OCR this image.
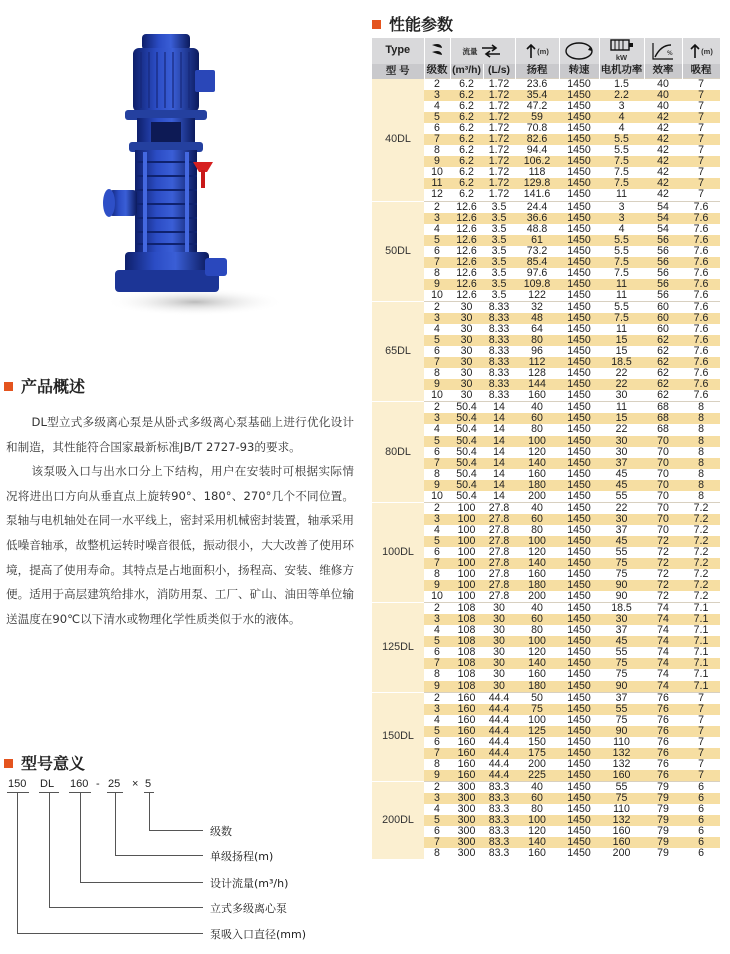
产品概述

DL型立式多级离心泵是从卧式多级离心泵基础上进行优化设计和制造，其性能符合国家最新标准JB/T 2727-93的要求。

该泵吸入口与出水口分上下结构，用户在安装时可根据实际情况将进出口方向从垂直点上旋转90°、180°、270°几个不同位置。泵轴与电机轴处在同一水平线上，密封采用机械密封装置，轴承采用低噪音轴承，故整机运转时噪音很低，振动很小，大大改善了使用环境，提高了使用寿命。其特点是占地面积小，扬程高、安装、维修方便。适用于高层建筑给排水，消防用泵、工厂、矿山、油田等单位输送温度在90℃以下清水或物理化学性质类似于水的液体。

型号意义
150 DL 160 - 25 × 5
级数
单级扬程(m)
设计流量(m³/h)
立式多级离心泵
泵吸入口直径(mm)
性能参数
Type		流量		(m)		kW	%	(m)
型 号	级数	(m³/h)	(L/s)	扬程	转速	电机功率	效率	吸程
40DL	2	6.2	1.72	23.6	1450	1.5	40	7
	3	6.2	1.72	35.4	1450	2.2	40	7
	4	6.2	1.72	47.2	1450	3	40	7
	5	6.2	1.72	59	1450	4	42	7
	6	6.2	1.72	70.8	1450	4	42	7
	7	6.2	1.72	82.6	1450	5.5	42	7
	8	6.2	1.72	94.4	1450	5.5	42	7
	9	6.2	1.72	106.2	1450	7.5	42	7
	10	6.2	1.72	118	1450	7.5	42	7
	11	6.2	1.72	129.8	1450	7.5	42	7
	12	6.2	1.72	141.6	1450	11	42	7
50DL	2	12.6	3.5	24.4	1450	3	54	7.6
	3	12.6	3.5	36.6	1450	3	54	7.6
	4	12.6	3.5	48.8	1450	4	54	7.6
	5	12.6	3.5	61	1450	5.5	56	7.6
	6	12.6	3.5	73.2	1450	5.5	56	7.6
	7	12.6	3.5	85.4	1450	7.5	56	7.6
	8	12.6	3.5	97.6	1450	7.5	56	7.6
	9	12.6	3.5	109.8	1450	11	56	7.6
	10	12.6	3.5	122	1450	11	56	7.6
65DL	2	30	8.33	32	1450	5.5	60	7.6
	3	30	8.33	48	1450	7.5	60	7.6
	4	30	8.33	64	1450	11	60	7.6
	5	30	8.33	80	1450	15	62	7.6
	6	30	8.33	96	1450	15	62	7.6
	7	30	8.33	112	1450	18.5	62	7.6
	8	30	8.33	128	1450	22	62	7.6
	9	30	8.33	144	1450	22	62	7.6
	10	30	8.33	160	1450	30	62	7.6
80DL	2	50.4	14	40	1450	11	68	8
	3	50.4	14	60	1450	15	68	8
	4	50.4	14	80	1450	22	68	8
	5	50.4	14	100	1450	30	70	8
	6	50.4	14	120	1450	30	70	8
	7	50.4	14	140	1450	37	70	8
	8	50.4	14	160	1450	45	70	8
	9	50.4	14	180	1450	45	70	8
	10	50.4	14	200	1450	55	70	8
100DL	2	100	27.8	40	1450	22	70	7.2
	3	100	27.8	60	1450	30	70	7.2
	4	100	27.8	80	1450	37	70	7.2
	5	100	27.8	100	1450	45	72	7.2
	6	100	27.8	120	1450	55	72	7.2
	7	100	27.8	140	1450	75	72	7.2
	8	100	27.8	160	1450	75	72	7.2
	9	100	27.8	180	1450	90	72	7.2
	10	100	27.8	200	1450	90	72	7.2
125DL	2	108	30	40	1450	18.5	74	7.1
	3	108	30	60	1450	30	74	7.1
	4	108	30	80	1450	37	74	7.1
	5	108	30	100	1450	45	74	7.1
	6	108	30	120	1450	55	74	7.1
	7	108	30	140	1450	75	74	7.1
	8	108	30	160	1450	75	74	7.1
	9	108	30	180	1450	90	74	7.1
150DL	2	160	44.4	50	1450	37	76	7
	3	160	44.4	75	1450	55	76	7
	4	160	44.4	100	1450	75	76	7
	5	160	44.4	125	1450	90	76	7
	6	160	44.4	150	1450	110	76	7
	7	160	44.4	175	1450	132	76	7
	8	160	44.4	200	1450	132	76	7
	9	160	44.4	225	1450	160	76	7
200DL	2	300	83.3	40	1450	55	79	6
	3	300	83.3	60	1450	75	79	6
	4	300	83.3	80	1450	110	79	6
	5	300	83.3	100	1450	132	79	6
	6	300	83.3	120	1450	160	79	6
	7	300	83.3	140	1450	160	79	6
	8	300	83.3	160	1450	200	79	6
